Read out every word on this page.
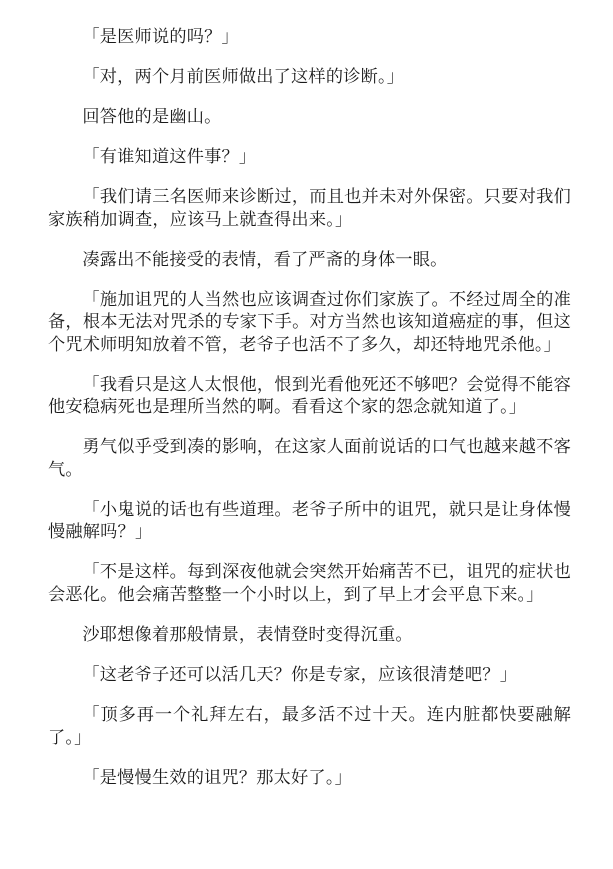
「是医师说的吗？」

「对，两个月前医师做出了这样的诊断。」

回答他的是幽山。

「有谁知道这件事？」

「我们请三名医师来诊断过，而且也并未对外保密。只要对我们家族稍加调查，应该马上就查得出来。」

凑露出不能接受的表情，看了严斋的身体一眼。

「施加诅咒的人当然也应该调查过你们家族了。不经过周全的准备，根本无法对咒杀的专家下手。对方当然也该知道癌症的事，但这个咒术师明知放着不管，老爷子也活不了多久，却还特地咒杀他。」

「我看只是这人太恨他，恨到光看他死还不够吧？会觉得不能容他安稳病死也是理所当然的啊。看看这个家的怨念就知道了。」

勇气似乎受到凑的影响，在这家人面前说话的口气也越来越不客气。

「小鬼说的话也有些道理。老爷子所中的诅咒，就只是让身体慢慢融解吗？」

「不是这样。每到深夜他就会突然开始痛苦不已，诅咒的症状也会恶化。他会痛苦整整一个小时以上，到了早上才会平息下来。」

沙耶想像着那般情景，表情登时变得沉重。

「这老爷子还可以活几天？你是专家，应该很清楚吧？」

「顶多再一个礼拜左右，最多活不过十天。连内脏都快要融解了。」

「是慢慢生效的诅咒？那太好了。」
